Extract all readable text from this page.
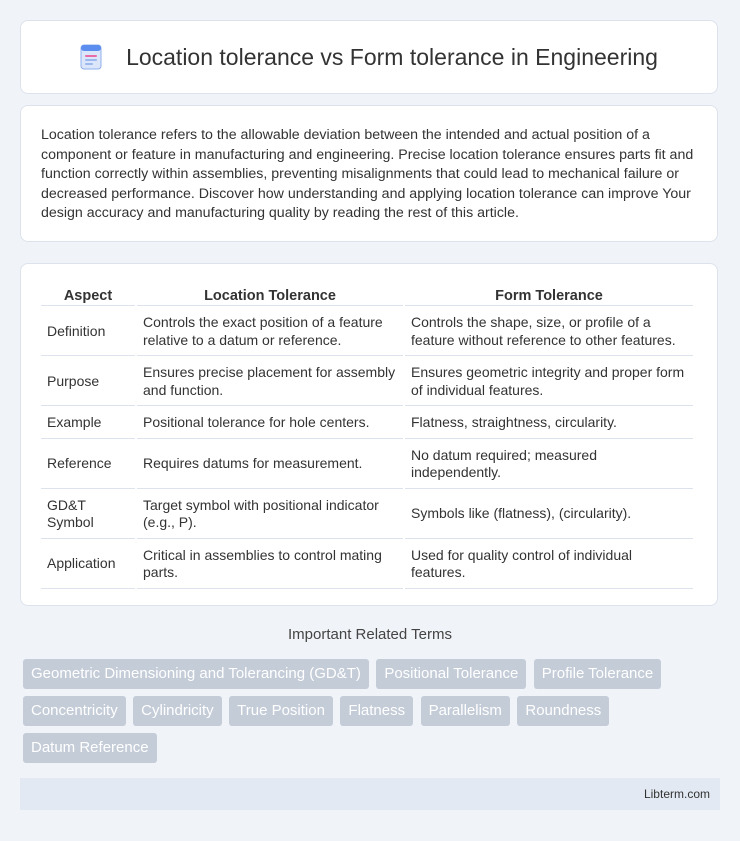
Location tolerance vs Form tolerance in Engineering

Location tolerance refers to the allowable deviation between the intended and actual position of a component or feature in manufacturing and engineering. Precise location tolerance ensures parts fit and function correctly within assemblies, preventing misalignments that could lead to mechanical failure or decreased performance. Discover how understanding and applying location tolerance can improve Your design accuracy and manufacturing quality by reading the rest of this article.

Aspect	Location Tolerance	Form Tolerance
Definition	Controls the exact position of a feature relative to a datum or reference.	Controls the shape, size, or profile of a feature without reference to other features.
Purpose	Ensures precise placement for assembly and function.	Ensures geometric integrity and proper form of individual features.
Example	Positional tolerance for hole centers.	Flatness, straightness, circularity.
Reference	Requires datums for measurement.	No datum required; measured independently.
GD&T Symbol	Target symbol with positional indicator (e.g., P).	Symbols like (flatness), (circularity).
Application	Critical in assemblies to control mating parts.	Used for quality control of individual features.
Important Related Terms
Geometric Dimensioning and Tolerancing (GD&T) Positional Tolerance Profile Tolerance Concentricity Cylindricity True Position Flatness Parallelism Roundness Datum Reference
Libterm.com
